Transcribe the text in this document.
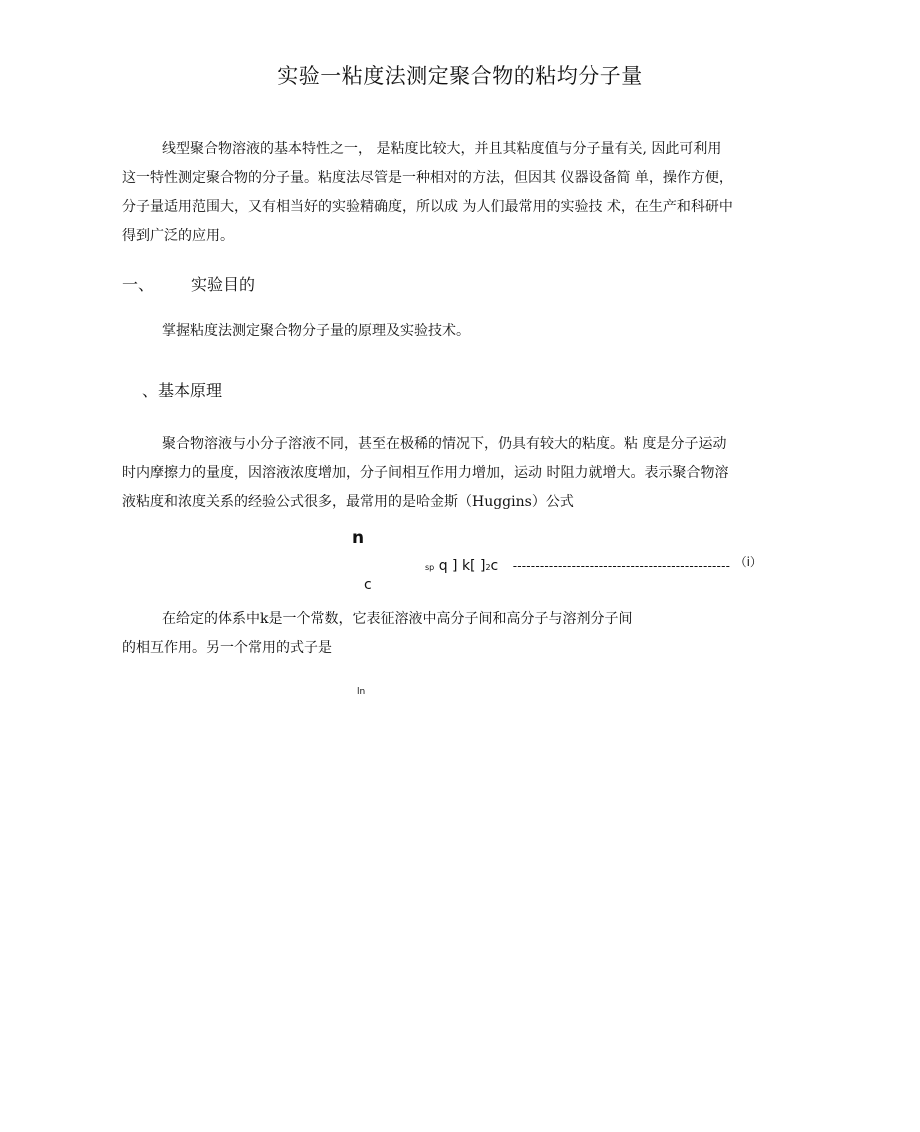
实验一粘度法测定聚合物的粘均分子量
线型聚合物溶液的基本特性之一， 是粘度比较大，并且其粘度值与分子量有关, 因此可利用
这一特性测定聚合物的分子量。粘度法尽管是一种相对的方法，但因其 仪器设备简 单，操作方便，
分子量适用范围大，又有相当好的实验精确度，所以成 为人们最常用的实验技 术，在生产和科研中
得到广泛的应用。
一、 实验目的
掌握粘度法测定聚合物分子量的原理及实验技术。
、基本原理
聚合物溶液与小分子溶液不同，甚至在极稀的情况下，仍具有较大的粘度。粘 度是分子运动
时内摩擦力的量度，因溶液浓度增加，分子间相互作用力增加，运动 时阻力就增大。表示聚合物溶
液粘度和浓度关系的经验公式很多，最常用的是哈金斯（Huggins）公式
n
sp q ] k[ ]2c ------------------------------------------------ （i）
c
在给定的体系中k是一个常数，它表征溶液中高分子间和高分子与溶剂分子间
的相互作用。另一个常用的式子是
ln
